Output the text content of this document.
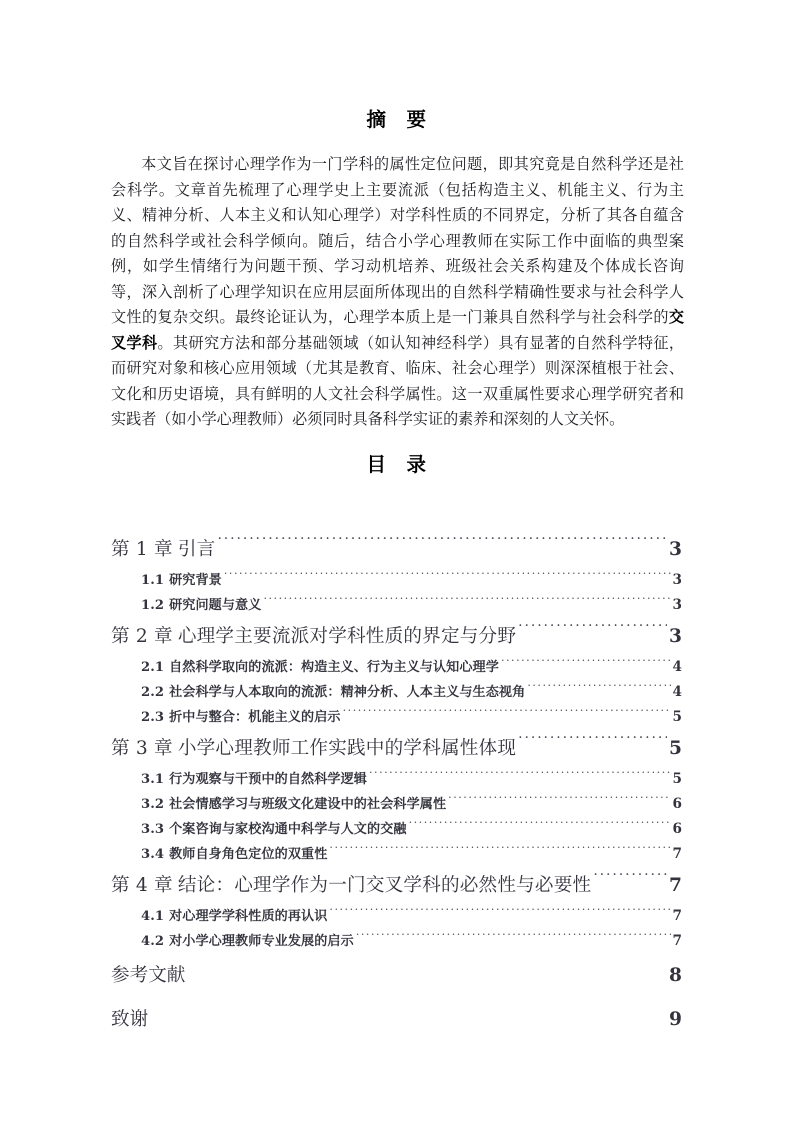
摘　要
本文旨在探讨心理学作为一门学科的属性定位问题，即其究竟是自然科学还是社会科学。文章首先梳理了心理学史上主要流派（包括构造主义、机能主义、行为主义、精神分析、人本主义和认知心理学）对学科性质的不同界定，分析了其各自蕴含的自然科学或社会科学倾向。随后，结合小学心理教师在实际工作中面临的典型案例，如学生情绪行为问题干预、学习动机培养、班级社会关系构建及个体成长咨询等，深入剖析了心理学知识在应用层面所体现出的自然科学精确性要求与社会科学人文性的复杂交织。最终论证认为，心理学本质上是一门兼具自然科学与社会科学的交叉学科。其研究方法和部分基础领域（如认知神经科学）具有显著的自然科学特征，而研究对象和核心应用领域（尤其是教育、临床、社会心理学）则深深植根于社会、文化和历史语境，具有鲜明的人文社会科学属性。这一双重属性要求心理学研究者和实践者（如小学心理教师）必须同时具备科学实证的素养和深刻的人文关怀。
目　录
第 1 章 引言 .....	3
1.1 研究背景 .....	3
1.2 研究问题与意义 .....	3
第 2 章 心理学主要流派对学科性质的界定与分野 .....	3
2.1 自然科学取向的流派：构造主义、行为主义与认知心理学 .....	4
2.2 社会科学与人本取向的流派：精神分析、人本主义与生态视角 .....	4
2.3 折中与整合：机能主义的启示 .....	5
第 3 章 小学心理教师工作实践中的学科属性体现 .....	5
3.1 行为观察与干预中的自然科学逻辑 .....	5
3.2 社会情感学习与班级文化建设中的社会科学属性 .....	6
3.3 个案咨询与家校沟通中科学与人文的交融 .....	6
3.4 教师自身角色定位的双重性 .....	7
第 4 章 结论：心理学作为一门交叉学科的必然性与必要性 .....	7
4.1 对心理学学科性质的再认识 .....	7
4.2 对小学心理教师专业发展的启示 .....	7
参考文献 .....	8
致谢 .....	9
